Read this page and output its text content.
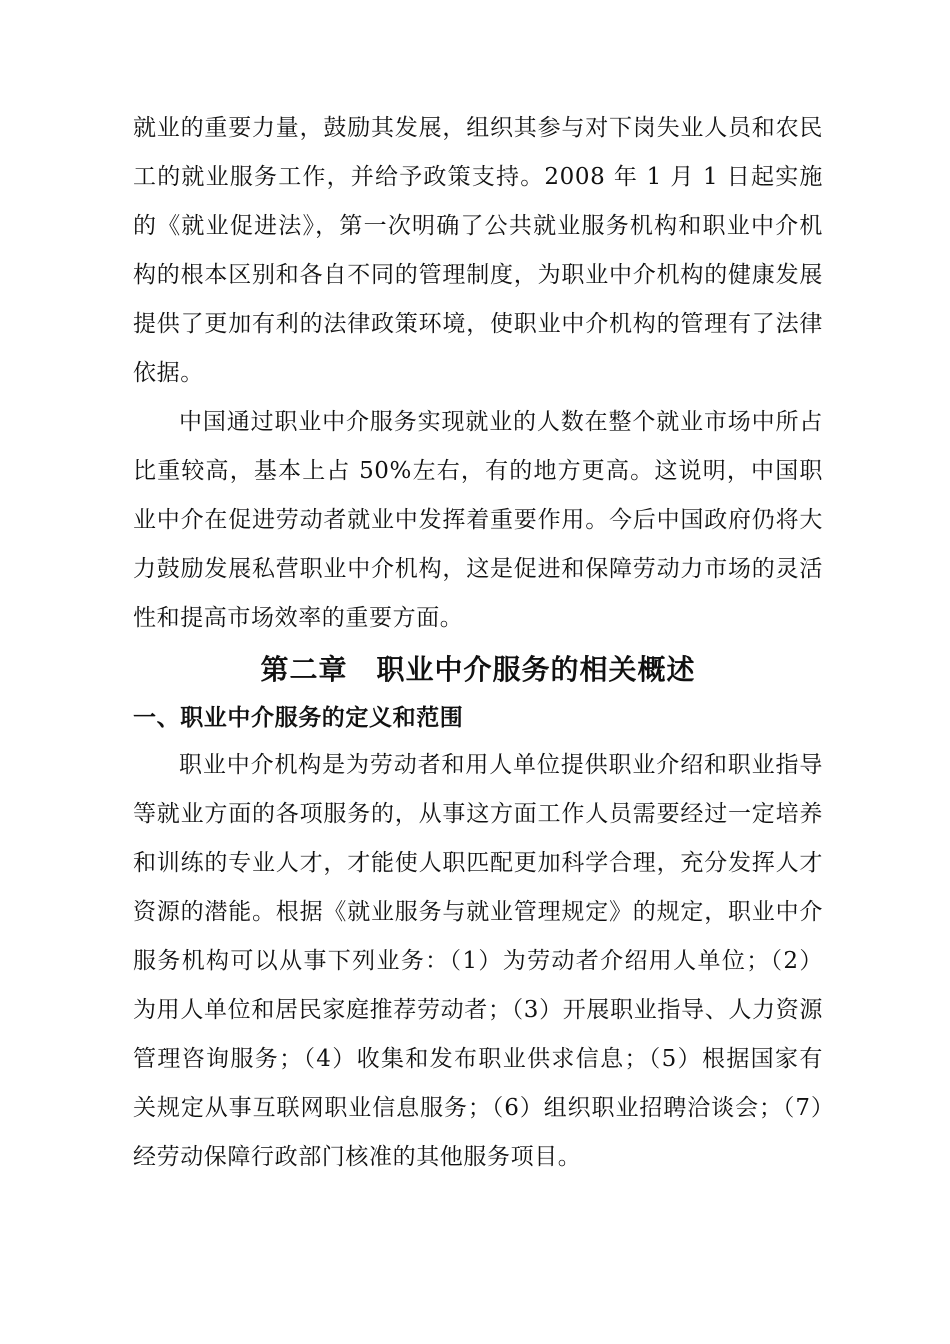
就业的重要力量，鼓励其发展，组织其参与对下岗失业人员和农民工的就业服务工作，并给予政策支持。2008 年 1 月 1 日起实施的《就业促进法》，第一次明确了公共就业服务机构和职业中介机构的根本区别和各自不同的管理制度，为职业中介机构的健康发展提供了更加有利的法律政策环境，使职业中介机构的管理有了法律依据。

中国通过职业中介服务实现就业的人数在整个就业市场中所占比重较高，基本上占 50%左右，有的地方更高。这说明，中国职业中介在促进劳动者就业中发挥着重要作用。今后中国政府仍将大力鼓励发展私营职业中介机构，这是促进和保障劳动力市场的灵活性和提高市场效率的重要方面。

第二章　职业中介服务的相关概述
一、职业中介服务的定义和范围

职业中介机构是为劳动者和用人单位提供职业介绍和职业指导等就业方面的各项服务的，从事这方面工作人员需要经过一定培养和训练的专业人才，才能使人职匹配更加科学合理，充分发挥人才资源的潜能。根据《就业服务与就业管理规定》的规定，职业中介服务机构可以从事下列业务：（1）为劳动者介绍用人单位；（2）为用人单位和居民家庭推荐劳动者；（3）开展职业指导、人力资源管理咨询服务；（4）收集和发布职业供求信息；（5）根据国家有关规定从事互联网职业信息服务；（6）组织职业招聘洽谈会；（7）经劳动保障行政部门核准的其他服务项目。
